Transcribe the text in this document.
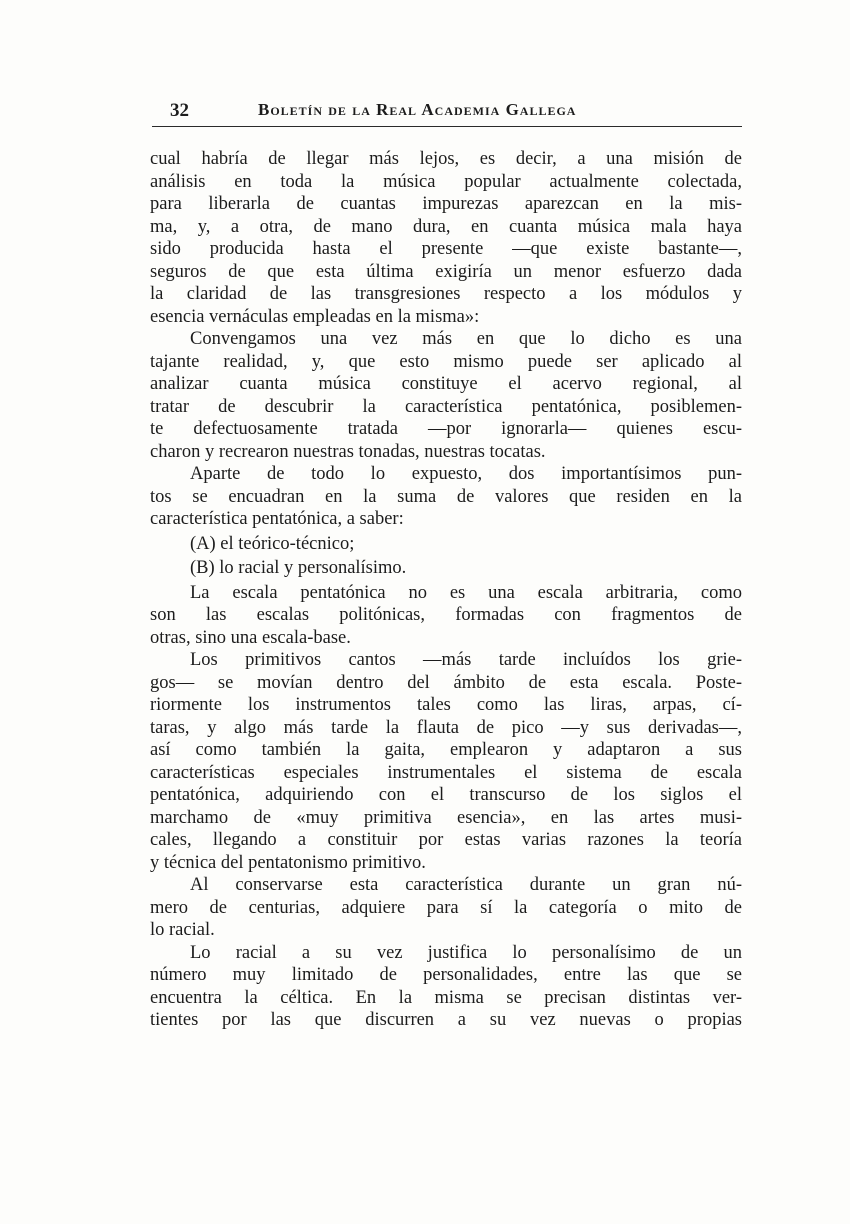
32	Boletín de la Real Academia Gallega
cual habría de llegar más lejos, es decir, a una misión de
análisis en toda la música popular actualmente colectada,
para liberarla de cuantas impurezas aparezcan en la mis-
ma, y, a otra, de mano dura, en cuanta música mala haya
sido producida hasta el presente —que existe bastante—,
seguros de que esta última exigiría un menor esfuerzo dada
la claridad de las transgresiones respecto a los módulos y
esencia vernáculas empleadas en la misma»:
Convengamos una vez más en que lo dicho es una
tajante realidad, y, que esto mismo puede ser aplicado al
analizar cuanta música constituye el acervo regional, al
tratar de descubrir la característica pentatónica, posiblemen-
te defectuosamente tratada —por ignorarla— quienes escu-
charon y recrearon nuestras tonadas, nuestras tocatas.
Aparte de todo lo expuesto, dos importantísimos pun-
tos se encuadran en la suma de valores que residen en la
característica pentatónica, a saber:
(A) el teórico-técnico;
(B) lo racial y personalísimo.
La escala pentatónica no es una escala arbitraria, como
son las escalas politónicas, formadas con fragmentos de
otras, sino una escala-base.
Los primitivos cantos —más tarde incluídos los grie-
gos— se movían dentro del ámbito de esta escala. Poste-
riormente los instrumentos tales como las liras, arpas, cí-
taras, y algo más tarde la flauta de pico —y sus derivadas—,
así como también la gaita, emplearon y adaptaron a sus
características especiales instrumentales el sistema de escala
pentatónica, adquiriendo con el transcurso de los siglos el
marchamo de «muy primitiva esencia», en las artes musi-
cales, llegando a constituir por estas varias razones la teoría
y técnica del pentatonismo primitivo.
Al conservarse esta característica durante un gran nú-
mero de centurias, adquiere para sí la categoría o mito de
lo racial.
Lo racial a su vez justifica lo personalísimo de un
número muy limitado de personalidades, entre las que se
encuentra la céltica. En la misma se precisan distintas ver-
tientes por las que discurren a su vez nuevas o propias
